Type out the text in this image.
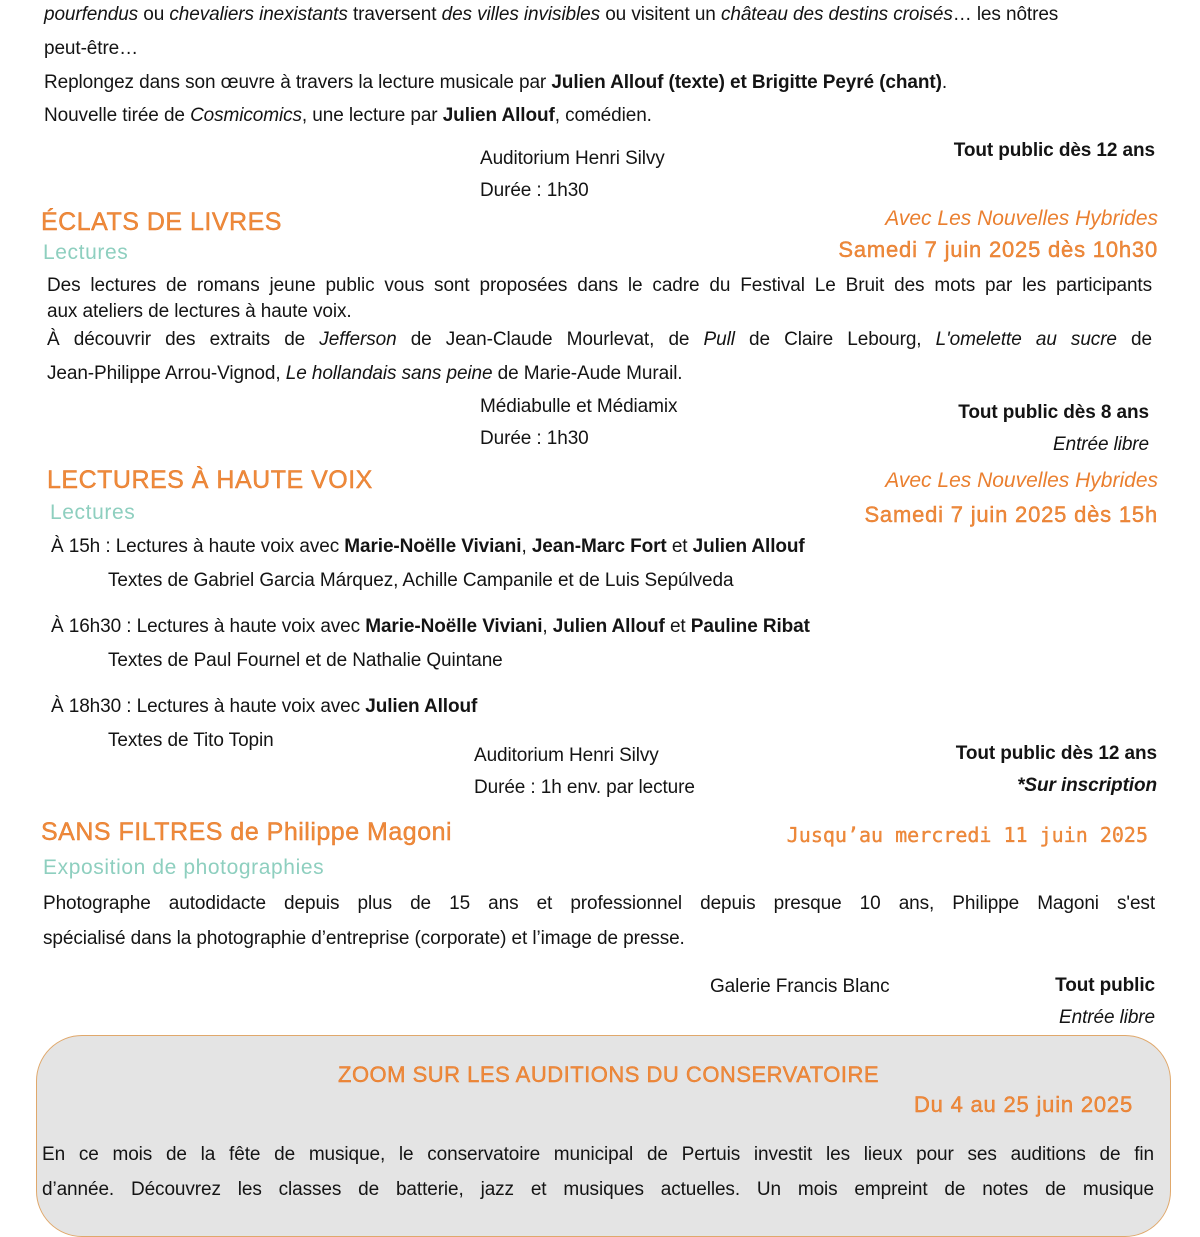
pourfendus ou chevaliers inexistants traversent des villes invisibles ou visitent un château des destins croisés… les nôtres
peut-être…
Replongez dans son œuvre à travers la lecture musicale par Julien Allouf (texte) et Brigitte Peyré (chant).
Nouvelle tirée de Cosmicomics, une lecture par Julien Allouf, comédien.
Auditorium Henri Silvy
Durée : 1h30
Tout public dès 12 ans
ÉCLATS DE LIVRES
Lectures
Avec Les Nouvelles Hybrides
Samedi 7 juin 2025 dès 10h30
Des lectures de romans jeune public vous sont proposées dans le cadre du Festival Le Bruit des mots par les participants
aux ateliers de lectures à haute voix.
À découvrir des extraits de Jefferson de Jean-Claude Mourlevat, de Pull de Claire Lebourg, L'omelette au sucre de
Jean-Philippe Arrou-Vignod, Le hollandais sans peine de Marie-Aude Murail.
Médiabulle et Médiamix
Durée : 1h30
Tout public dès 8 ans
Entrée libre
LECTURES À HAUTE VOIX
Lectures
Avec Les Nouvelles Hybrides
Samedi 7 juin 2025 dès 15h
À 15h : Lectures à haute voix avec Marie-Noëlle Viviani, Jean-Marc Fort et Julien Allouf
Textes de Gabriel Garcia Márquez, Achille Campanile et de Luis Sepúlveda
À 16h30 : Lectures à haute voix avec Marie-Noëlle Viviani, Julien Allouf et Pauline Ribat
Textes de Paul Fournel et de Nathalie Quintane
À 18h30 : Lectures à haute voix avec Julien Allouf
Textes de Tito Topin
Auditorium Henri Silvy
Durée : 1h env. par lecture
Tout public dès 12 ans
*Sur inscription
SANS FILTRES de Philippe Magoni
Exposition de photographies
Jusqu’au mercredi 11 juin 2025
Photographe autodidacte depuis plus de 15 ans et professionnel depuis presque 10 ans, Philippe Magoni s'est
spécialisé dans la photographie d’entreprise (corporate) et l’image de presse.
Galerie Francis Blanc	Tout public
Entrée libre
ZOOM SUR LES AUDITIONS DU CONSERVATOIRE
Du 4 au 25 juin 2025
En ce mois de la fête de musique, le conservatoire municipal de Pertuis investit les lieux pour ses auditions de fin
d’année. Découvrez les classes de batterie, jazz et musiques actuelles. Un mois empreint de notes de musique
